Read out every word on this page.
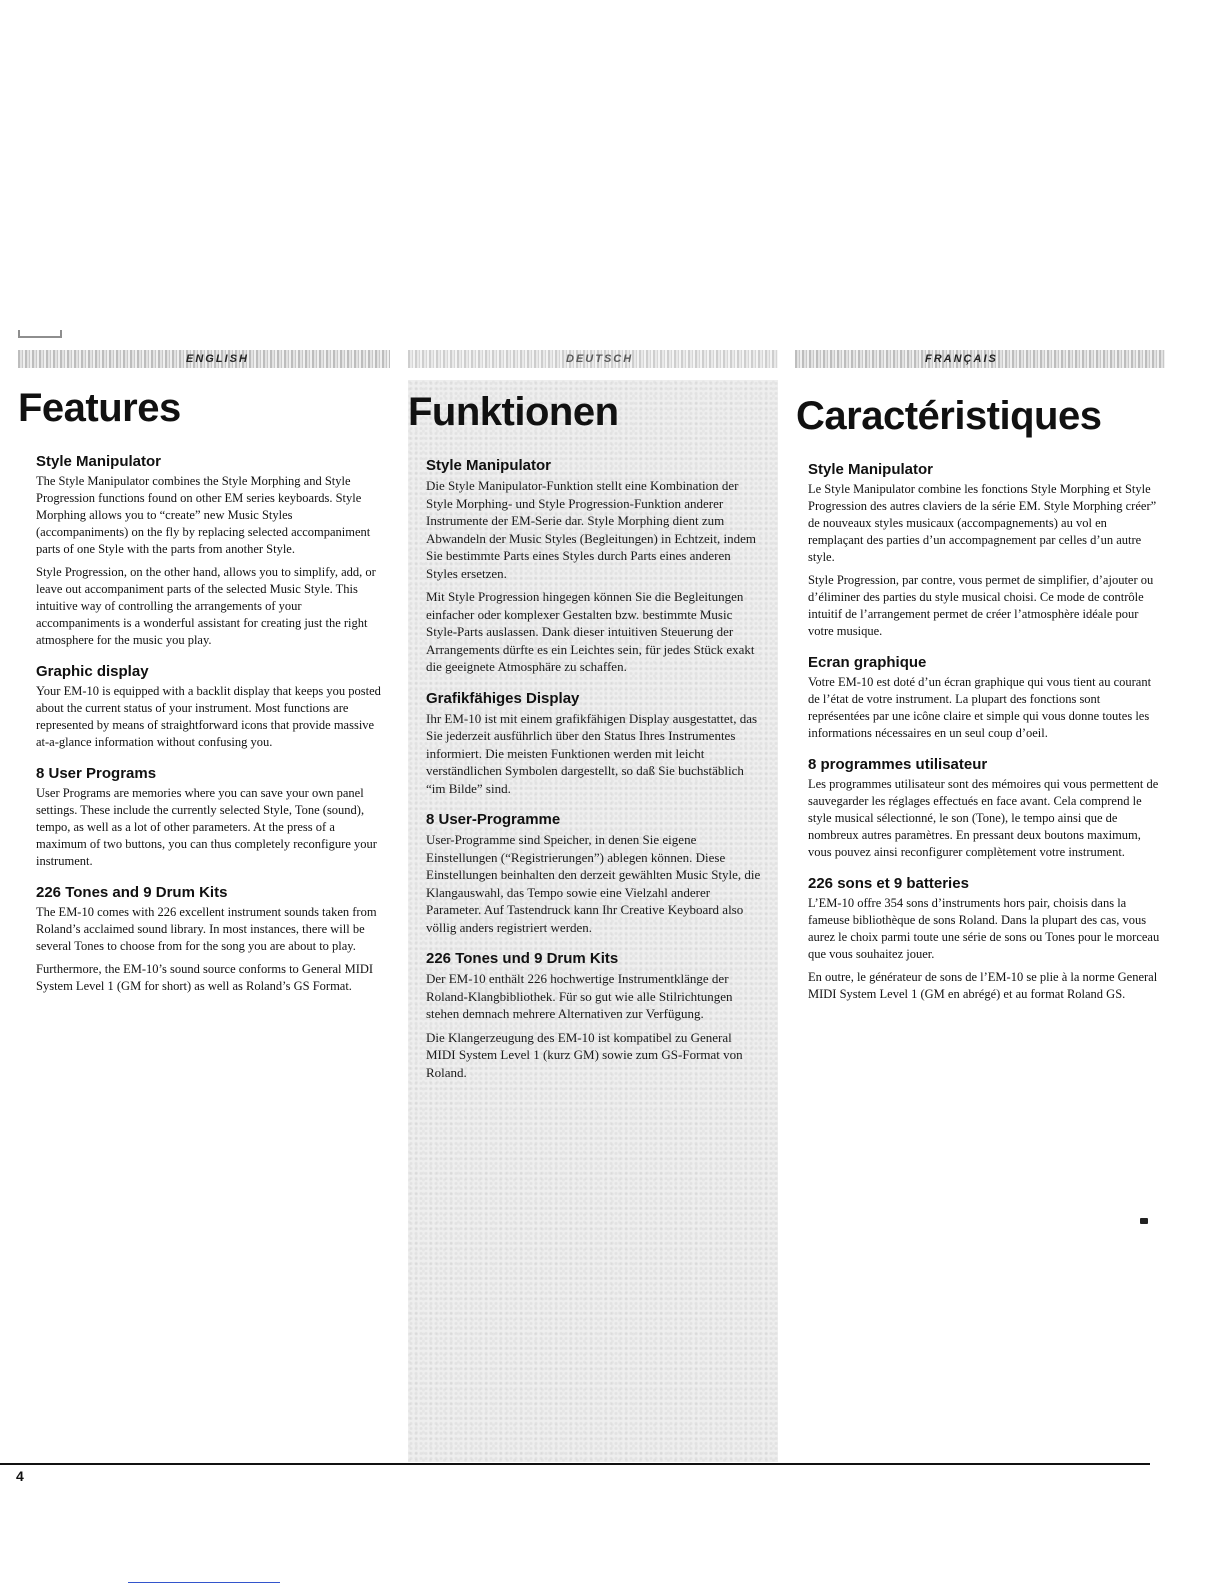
ENGLISH	DEUTSCH	FRANÇAIS
Features
Style Manipulator

The Style Manipulator combines the Style Morphing and Style Progression functions found on other EM series keyboards. Style Morphing allows you to “create” new Music Styles (accompaniments) on the fly by replacing selected accompaniment parts of one Style with the parts from another Style.

Style Progression, on the other hand, allows you to simplify, add, or leave out accompaniment parts of the selected Music Style. This intuitive way of controlling the arrangements of your accompaniments is a wonderful assistant for creating just the right atmosphere for the music you play.

Graphic display

Your EM-10 is equipped with a backlit display that keeps you posted about the current status of your instrument. Most functions are represented by means of straightforward icons that provide massive at-a-glance information without confusing you.

8 User Programs

User Programs are memories where you can save your own panel settings. These include the currently selected Style, Tone (sound), tempo, as well as a lot of other parameters. At the press of a maximum of two buttons, you can thus completely reconfigure your instrument.

226 Tones and 9 Drum Kits

The EM-10 comes with 226 excellent instrument sounds taken from Roland’s acclaimed sound library. In most instances, there will be several Tones to choose from for the song you are about to play.

Furthermore, the EM-10’s sound source conforms to General MIDI System Level 1 (GM for short) as well as Roland’s GS Format.

Funktionen
Style Manipulator

Die Style Manipulator-Funktion stellt eine Kombination der Style Morphing- und Style Progression-Funktion anderer Instrumente der EM-Serie dar. Style Morphing dient zum Abwandeln der Music Styles (Begleitungen) in Echtzeit, indem Sie bestimmte Parts eines Styles durch Parts eines anderen Styles ersetzen.

Mit Style Progression hingegen können Sie die Begleitungen einfacher oder komplexer Gestalten bzw. bestimmte Music Style-Parts auslassen. Dank dieser intuitiven Steuerung der Arrangements dürfte es ein Leichtes sein, für jedes Stück exakt die geeignete Atmosphäre zu schaffen.

Grafikfähiges Display

Ihr EM-10 ist mit einem grafikfähigen Display ausgestattet, das Sie jederzeit ausführlich über den Status Ihres Instrumentes informiert. Die meisten Funktionen werden mit leicht verständlichen Symbolen dargestellt, so daß Sie buchstäblich “im Bilde” sind.

8 User-Programme

User-Programme sind Speicher, in denen Sie eigene Einstellungen (“Registrierungen”) ablegen können. Diese Einstellungen beinhalten den derzeit gewählten Music Style, die Klangauswahl, das Tempo sowie eine Vielzahl anderer Parameter. Auf Tastendruck kann Ihr Creative Keyboard also völlig anders registriert werden.

226 Tones und 9 Drum Kits

Der EM-10 enthält 226 hochwertige Instrumentklänge der Roland-Klangbibliothek. Für so gut wie alle Stilrichtungen stehen demnach mehrere Alternativen zur Verfügung.

Die Klangerzeugung des EM-10 ist kompatibel zu General MIDI System Level 1 (kurz GM) sowie zum GS-Format von Roland.

Caractéristiques
Style Manipulator

Le Style Manipulator combine les fonctions Style Morphing et Style Progression des autres claviers de la série EM. Style Morphing créer” de nouveaux styles musicaux (accompagnements) au vol en remplaçant des parties d’un accompagnement par celles d’un autre style.

Style Progression, par contre, vous permet de simplifier, d’ajouter ou d’éliminer des parties du style musical choisi. Ce mode de contrôle intuitif de l’arrangement permet de créer l’atmosphère idéale pour votre musique.

Ecran graphique

Votre EM-10 est doté d’un écran graphique qui vous tient au courant de l’état de votre instrument. La plupart des fonctions sont représentées par une icône claire et simple qui vous donne toutes les informations nécessaires en un seul coup d’oeil.

8 programmes utilisateur

Les programmes utilisateur sont des mémoires qui vous permettent de sauvegarder les réglages effectués en face avant. Cela comprend le style musical sélectionné, le son (Tone), le tempo ainsi que de nombreux autres paramètres. En pressant deux boutons maximum, vous pouvez ainsi reconfigurer complètement votre instrument.

226 sons et 9 batteries

L’EM-10 offre 354 sons d’instruments hors pair, choisis dans la fameuse bibliothèque de sons Roland. Dans la plupart des cas, vous aurez le choix parmi toute une série de sons ou Tones pour le morceau que vous souhaitez jouer.

En outre, le générateur de sons de l’EM-10 se plie à la norme General MIDI System Level 1 (GM en abrégé) et au format Roland GS.

4
